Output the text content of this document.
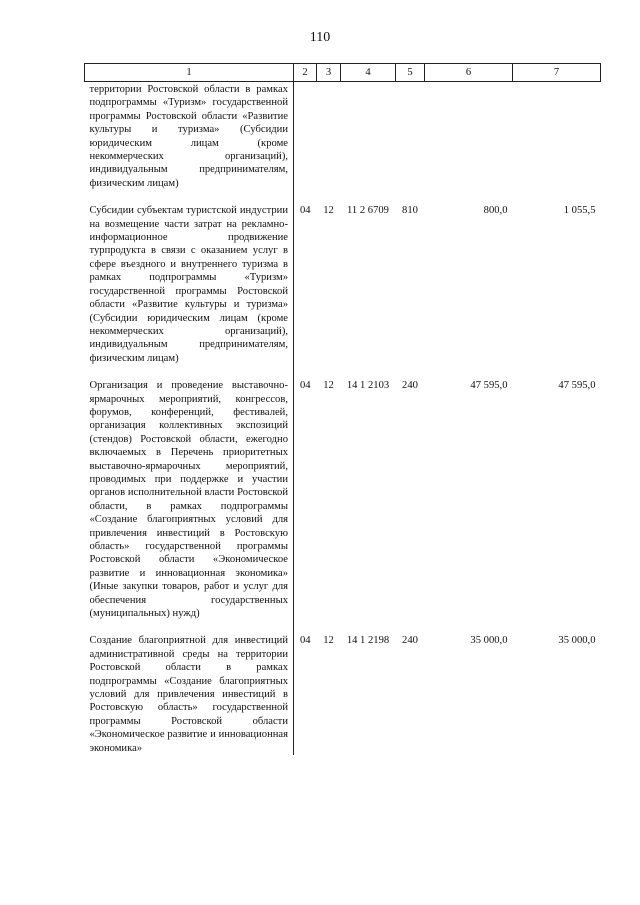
110
1	2	3	4	5	6	7
территории Ростовской области в рамках подпрограммы «Туризм» государственной программы Ростовской области «Развитие культуры и туризма» (Субсидии юридическим лицам (кроме некоммерческих организаций), индивидуальным предпринимателям, физическим лицам)						
Субсидии субъектам туристской индустрии на возмещение части затрат на рекламно-информационное продвижение турпродукта в связи с оказанием услуг в сфере въездного и внутреннего туризма в рамках подпрограммы «Туризм» государственной программы Ростовской области «Развитие культуры и туризма» (Субсидии юридическим лицам (кроме некоммерческих организаций), индивидуальным предпринимателям, физическим лицам)	04	12	11 2 6709	810	800,0	1 055,5
Организация и проведение выставочно-ярмарочных мероприятий, конгрессов, форумов, конференций, фестивалей, организация коллективных экспозиций (стендов) Ростовской области, ежегодно включаемых в Перечень приоритетных выставочно-ярмарочных мероприятий, проводимых при поддержке и участии органов исполнительной власти Ростовской области, в рамках подпрограммы «Создание благоприятных условий для привлечения инвестиций в Ростовскую область» государственной программы Ростовской области «Экономическое развитие и инновационная экономика» (Иные закупки товаров, работ и услуг для обеспечения государственных (муниципальных) нужд)	04	12	14 1 2103	240	47 595,0	47 595,0
Создание благоприятной для инвестиций административной среды на территории Ростовской области в рамках подпрограммы «Создание благоприятных условий для привлечения инвестиций в Ростовскую область» государственной программы Ростовской области «Экономическое развитие и инновационная экономика»	04	12	14 1 2198	240	35 000,0	35 000,0
